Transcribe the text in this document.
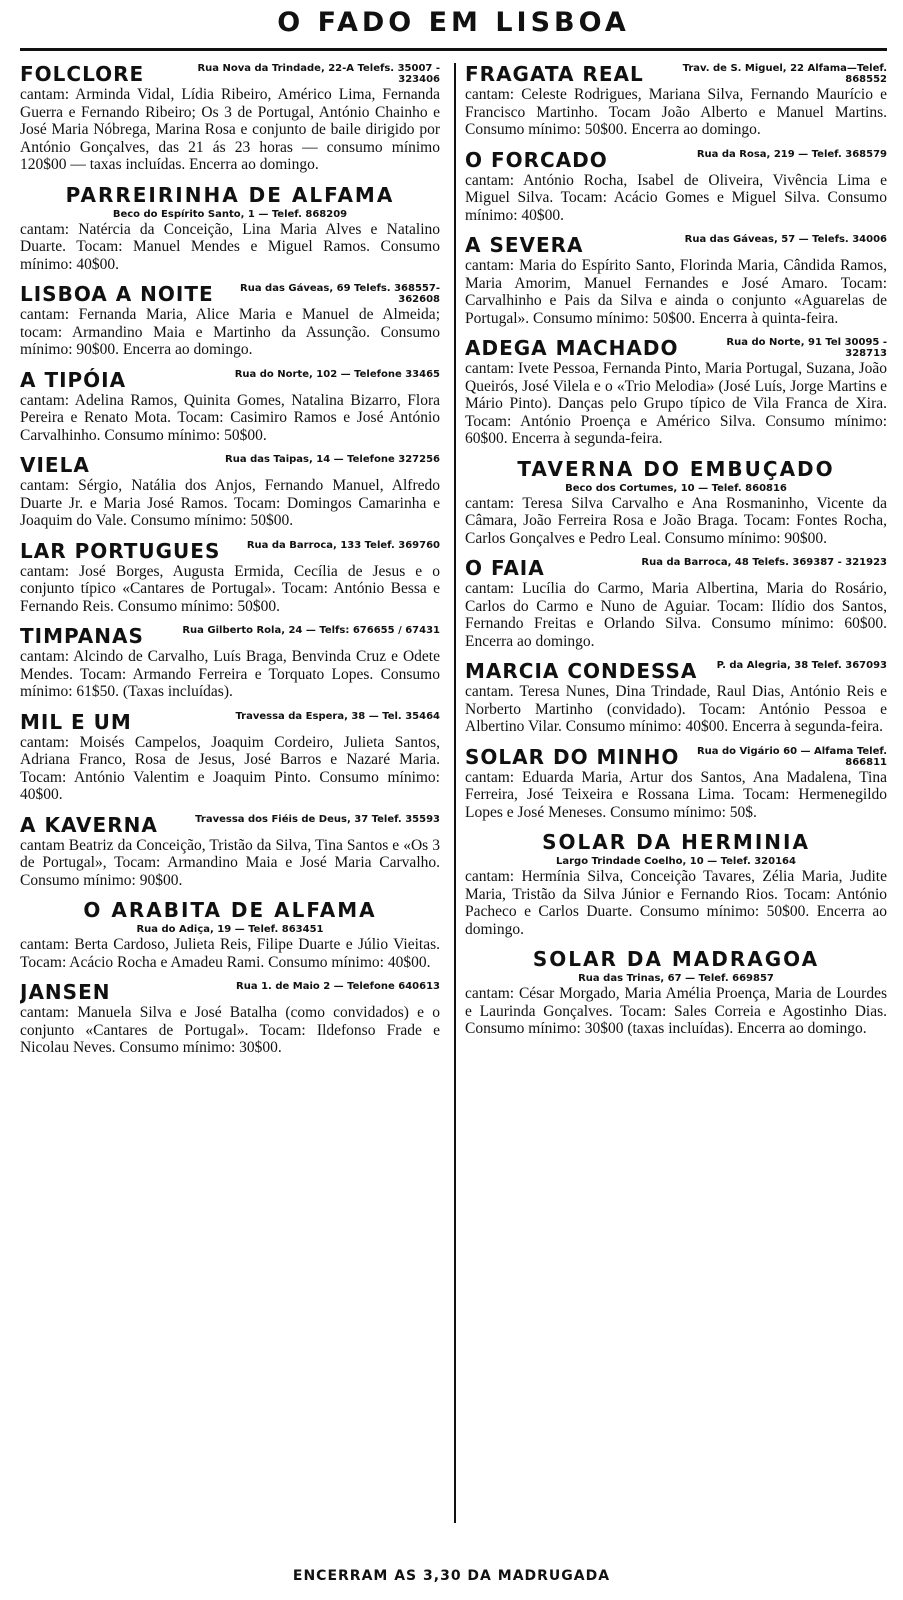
O FADO EM LISBOA
FOLCLORE	Rua Nova da Trindade, 22-A Telefs. 35007 - 323406
cantam: Arminda Vidal, Lídia Ribeiro, Américo Lima, Fernanda Guerra e Fernando Ribeiro; Os 3 de Portugal, António Chainho e José Maria Nóbrega, Marina Rosa e conjunto de baile dirigido por António Gonçalves, das 21 ás 23 horas — consumo mínimo 120$00 — taxas incluídas. Encerra ao domingo.
PARREIRINHA DE ALFAMA
Beco do Espírito Santo, 1 — Telef. 868209
cantam: Natércia da Conceição, Lina Maria Alves e Natalino Duarte. Tocam: Manuel Mendes e Miguel Ramos. Consumo mínimo: 40$00.
LISBOA A NOITE	Rua das Gáveas, 69 Telefs. 368557-362608
cantam: Fernanda Maria, Alice Maria e Manuel de Almeida; tocam: Armandino Maia e Martinho da Assunção. Consumo mínimo: 90$00. Encerra ao domingo.
A TIPÓIA	Rua do Norte, 102 — Telefone 33465
cantam: Adelina Ramos, Quinita Gomes, Natalina Bizarro, Flora Pereira e Renato Mota. Tocam: Casimiro Ramos e José António Carvalhinho. Consumo mínimo: 50$00.
VIELA	Rua das Taipas, 14 — Telefone 327256
cantam: Sérgio, Natália dos Anjos, Fernando Manuel, Alfredo Duarte Jr. e Maria José Ramos. Tocam: Domingos Camarinha e Joaquim do Vale. Consumo mínimo: 50$00.
LAR PORTUGUES	Rua da Barroca, 133 Telef. 369760
cantam: José Borges, Augusta Ermida, Cecília de Jesus e o conjunto típico «Cantares de Portugal». Tocam: António Bessa e Fernando Reis. Consumo mínimo: 50$00.
TIMPANAS	Rua Gilberto Rola, 24 — Telfs: 676655 / 67431
cantam: Alcindo de Carvalho, Luís Braga, Benvinda Cruz e Odete Mendes. Tocam: Armando Ferreira e Torquato Lopes. Consumo mínimo: 61$50. (Taxas incluídas).
MIL E UM	Travessa da Espera, 38 — Tel. 35464
cantam: Moisés Campelos, Joaquim Cordeiro, Julieta Santos, Adriana Franco, Rosa de Jesus, José Barros e Nazaré Maria. Tocam: António Valentim e Joaquim Pinto. Consumo mínimo: 40$00.
A KAVERNA	Travessa dos Fiéis de Deus, 37 Telef. 35593
cantam Beatriz da Conceição, Tristão da Silva, Tina Santos e «Os 3 de Portugal», Tocam: Armandino Maia e José Maria Carvalho. Consumo mínimo: 90$00.
O ARABITA DE ALFAMA
Rua do Adiça, 19 — Telef. 863451
cantam: Berta Cardoso, Julieta Reis, Filipe Duarte e Júlio Vieitas. Tocam: Acácio Rocha e Amadeu Rami. Consumo mínimo: 40$00.
JANSEN	Rua 1. de Maio 2 — Telefone 640613
cantam: Manuela Silva e José Batalha (como convidados) e o conjunto «Cantares de Portugal». Tocam: Ildefonso Frade e Nicolau Neves. Consumo mínimo: 30$00.
FRAGATA REAL	Trav. de S. Miguel, 22 Alfama—Telef. 868552
cantam: Celeste Rodrigues, Mariana Silva, Fernando Maurício e Francisco Martinho. Tocam João Alberto e Manuel Martins. Consumo mínimo: 50$00. Encerra ao domingo.
O FORCADO	Rua da Rosa, 219 — Telef. 368579
cantam: António Rocha, Isabel de Oliveira, Vivência Lima e Miguel Silva. Tocam: Acácio Gomes e Miguel Silva. Consumo mínimo: 40$00.
A SEVERA	Rua das Gáveas, 57 — Telefs. 34006
cantam: Maria do Espírito Santo, Florinda Maria, Cândida Ramos, Maria Amorim, Manuel Fernandes e José Amaro. Tocam: Carvalhinho e Pais da Silva e ainda o conjunto «Aguarelas de Portugal». Consumo mínimo: 50$00. Encerra à quinta-feira.
ADEGA MACHADO	Rua do Norte, 91 Tel 30095 - 328713
cantam: Ivete Pessoa, Fernanda Pinto, Maria Portugal, Suzana, João Queirós, José Vilela e o «Trio Melodia» (José Luís, Jorge Martins e Mário Pinto). Danças pelo Grupo típico de Vila Franca de Xira. Tocam: António Proença e Américo Silva. Consumo mínimo: 60$00. Encerra à segunda-feira.
TAVERNA DO EMBUÇADO
Beco dos Cortumes, 10 — Telef. 860816
cantam: Teresa Silva Carvalho e Ana Rosmaninho, Vicente da Câmara, João Ferreira Rosa e João Braga. Tocam: Fontes Rocha, Carlos Gonçalves e Pedro Leal. Consumo mínimo: 90$00.
O FAIA	Rua da Barroca, 48 Telefs. 369387 - 321923
cantam: Lucília do Carmo, Maria Albertina, Maria do Rosário, Carlos do Carmo e Nuno de Aguiar. Tocam: Ilídio dos Santos, Fernando Freitas e Orlando Silva. Consumo mínimo: 60$00. Encerra ao domingo.
MARCIA CONDESSA	P. da Alegria, 38 Telef. 367093
cantam. Teresa Nunes, Dina Trindade, Raul Dias, António Reis e Norberto Martinho (convidado). Tocam: António Pessoa e Albertino Vilar. Consumo mínimo: 40$00. Encerra à segunda-feira.
SOLAR DO MINHO	Rua do Vigário 60 — Alfama Telef. 866811
cantam: Eduarda Maria, Artur dos Santos, Ana Madalena, Tina Ferreira, José Teixeira e Rossana Lima. Tocam: Hermenegildo Lopes e José Meneses. Consumo mínimo: 50$.
SOLAR DA HERMINIA
Largo Trindade Coelho, 10 — Telef. 320164
cantam: Hermínia Silva, Conceição Tavares, Zélia Maria, Judite Maria, Tristão da Silva Júnior e Fernando Rios. Tocam: António Pacheco e Carlos Duarte. Consumo mínimo: 50$00. Encerra ao domingo.
SOLAR DA MADRAGOA
Rua das Trinas, 67 — Telef. 669857
cantam: César Morgado, Maria Amélia Proença, Maria de Lourdes e Laurinda Gonçalves. Tocam: Sales Correia e Agostinho Dias. Consumo mínimo: 30$00 (taxas incluídas). Encerra ao domingo.
ENCERRAM AS 3,30 DA MADRUGADA
